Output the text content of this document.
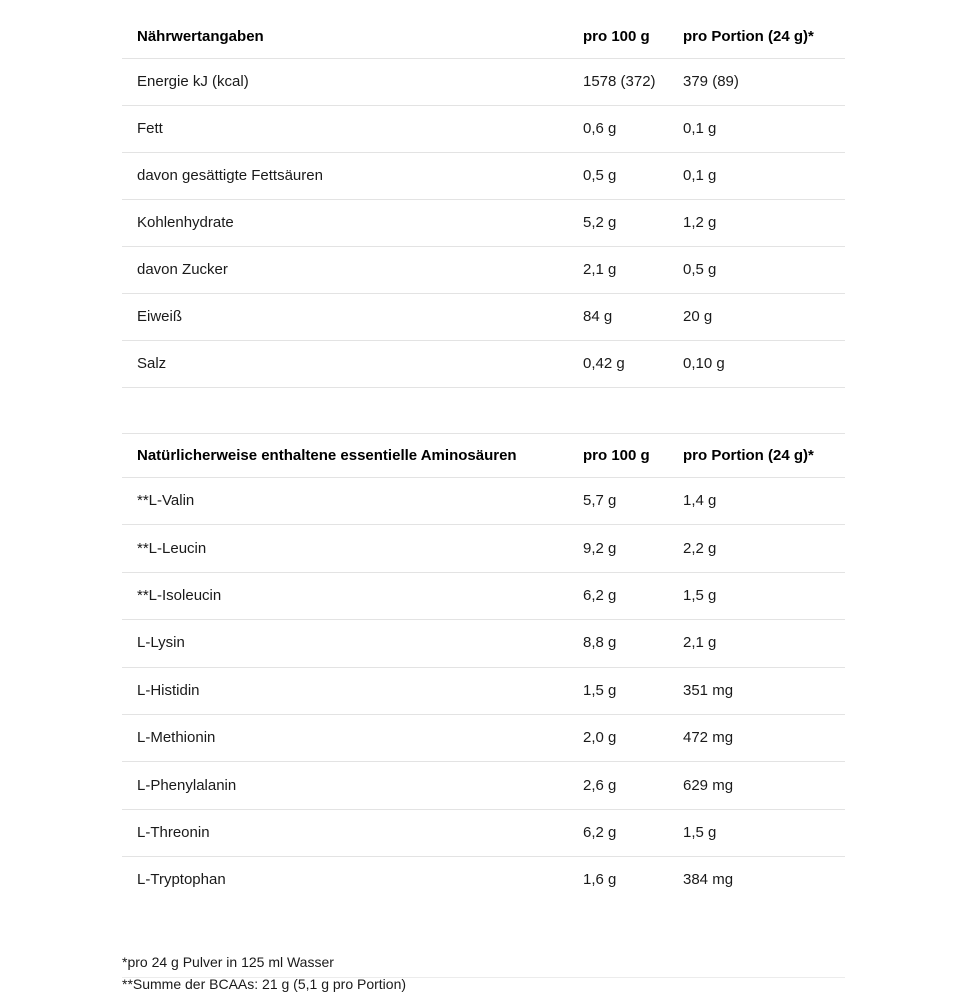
Nährwertangaben	pro 100 g	pro Portion (24 g)*
Energie kJ (kcal)	1578 (372)	379 (89)
Fett	0,6 g	0,1 g
davon gesättigte Fettsäuren	0,5 g	0,1 g
Kohlenhydrate	5,2 g	1,2 g
davon Zucker	2,1 g	0,5 g
Eiweiß	84 g	20 g
Salz	0,42 g	0,10 g
Natürlicherweise enthaltene essentielle Aminosäuren	pro 100 g	pro Portion (24 g)*
**L-Valin	5,7 g	1,4 g
**L-Leucin	9,2 g	2,2 g
**L-Isoleucin	6,2 g	1,5 g
L-Lysin	8,8 g	2,1 g
L-Histidin	1,5 g	351 mg
L-Methionin	2,0 g	472 mg
L-Phenylalanin	2,6 g	629 mg
L-Threonin	6,2 g	1,5 g
L-Tryptophan	1,6 g	384 mg
*pro 24 g Pulver in 125 ml Wasser
**Summe der BCAAs: 21 g (5,1 g pro Portion)
